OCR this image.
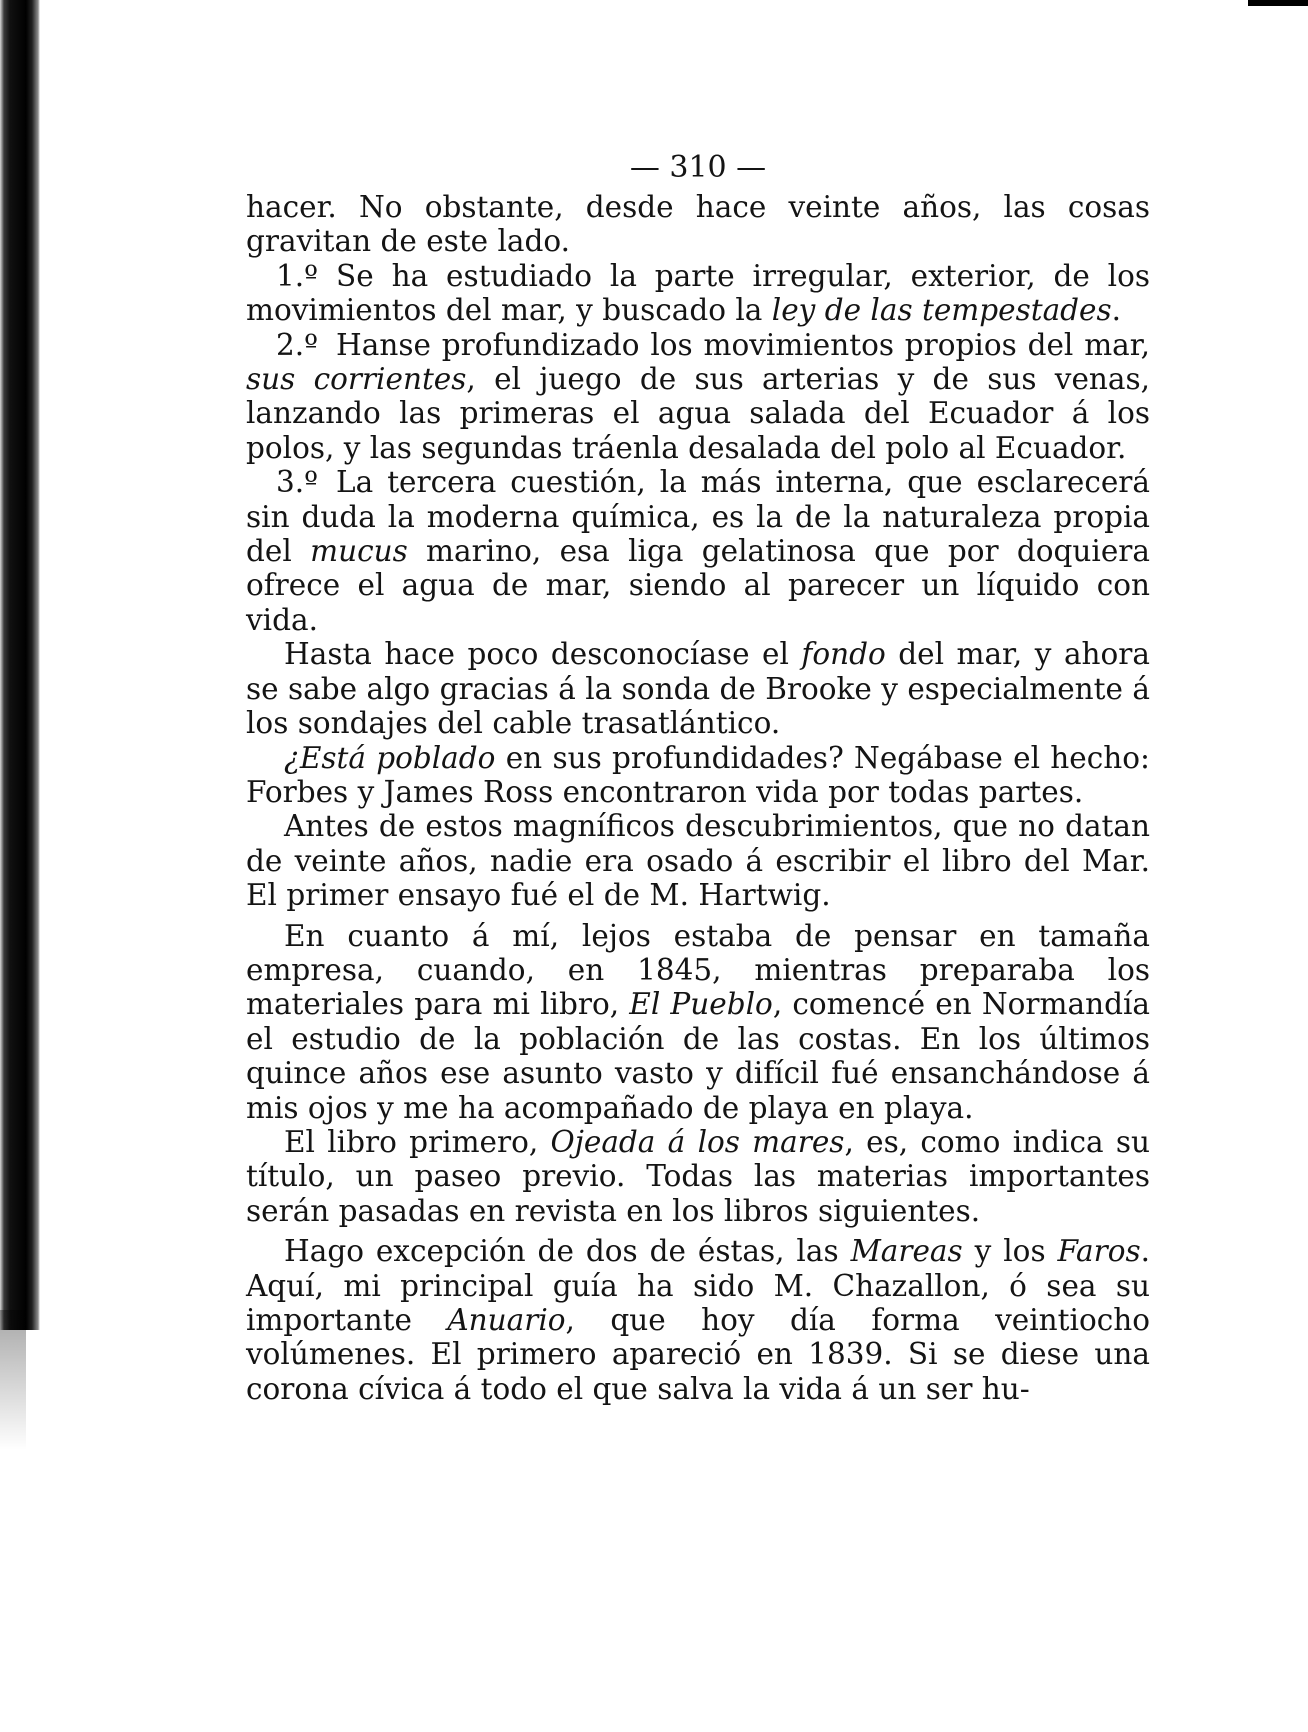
— 310 —

hacer. No obstante, desde hace veinte años, las cosas gravitan de este lado.

1.º Se ha estudiado la parte irregular, exterior, de los movimientos del mar, y buscado la ley de las tempestades.

2.º Hanse profundizado los movimientos propios del mar, sus corrientes, el juego de sus arterias y de sus venas, lanzando las primeras el agua salada del Ecuador á los polos, y las segundas tráenla desalada del polo al Ecuador.

3.º La tercera cuestión, la más interna, que esclarecerá sin duda la moderna química, es la de la naturaleza propia del mucus marino, esa liga gelatinosa que por doquiera ofrece el agua de mar, siendo al parecer un líquido con vida.

Hasta hace poco desconocíase el fondo del mar, y ahora se sabe algo gracias á la sonda de Brooke y especialmente á los sondajes del cable trasatlántico.

¿Está poblado en sus profundidades? Negábase el hecho: Forbes y James Ross encontraron vida por todas partes.

Antes de estos magníficos descubrimientos, que no datan de veinte años, nadie era osado á escribir el libro del Mar. El primer ensayo fué el de M. Hartwig.

En cuanto á mí, lejos estaba de pensar en tamaña empresa, cuando, en 1845, mientras preparaba los materiales para mi libro, El Pueblo, comencé en Normandía el estudio de la población de las costas. En los últimos quince años ese asunto vasto y difícil fué ensanchándose á mis ojos y me ha acompañado de playa en playa.

El libro primero, Ojeada á los mares, es, como indica su título, un paseo previo. Todas las materias importantes serán pasadas en revista en los libros siguientes.

Hago excepción de dos de éstas, las Mareas y los Faros. Aquí, mi principal guía ha sido M. Chazallon, ó sea su importante Anuario, que hoy día forma veintiocho volúmenes. El primero apareció en 1839. Si se diese una corona cívica á todo el que salva la vida á un ser hu-
